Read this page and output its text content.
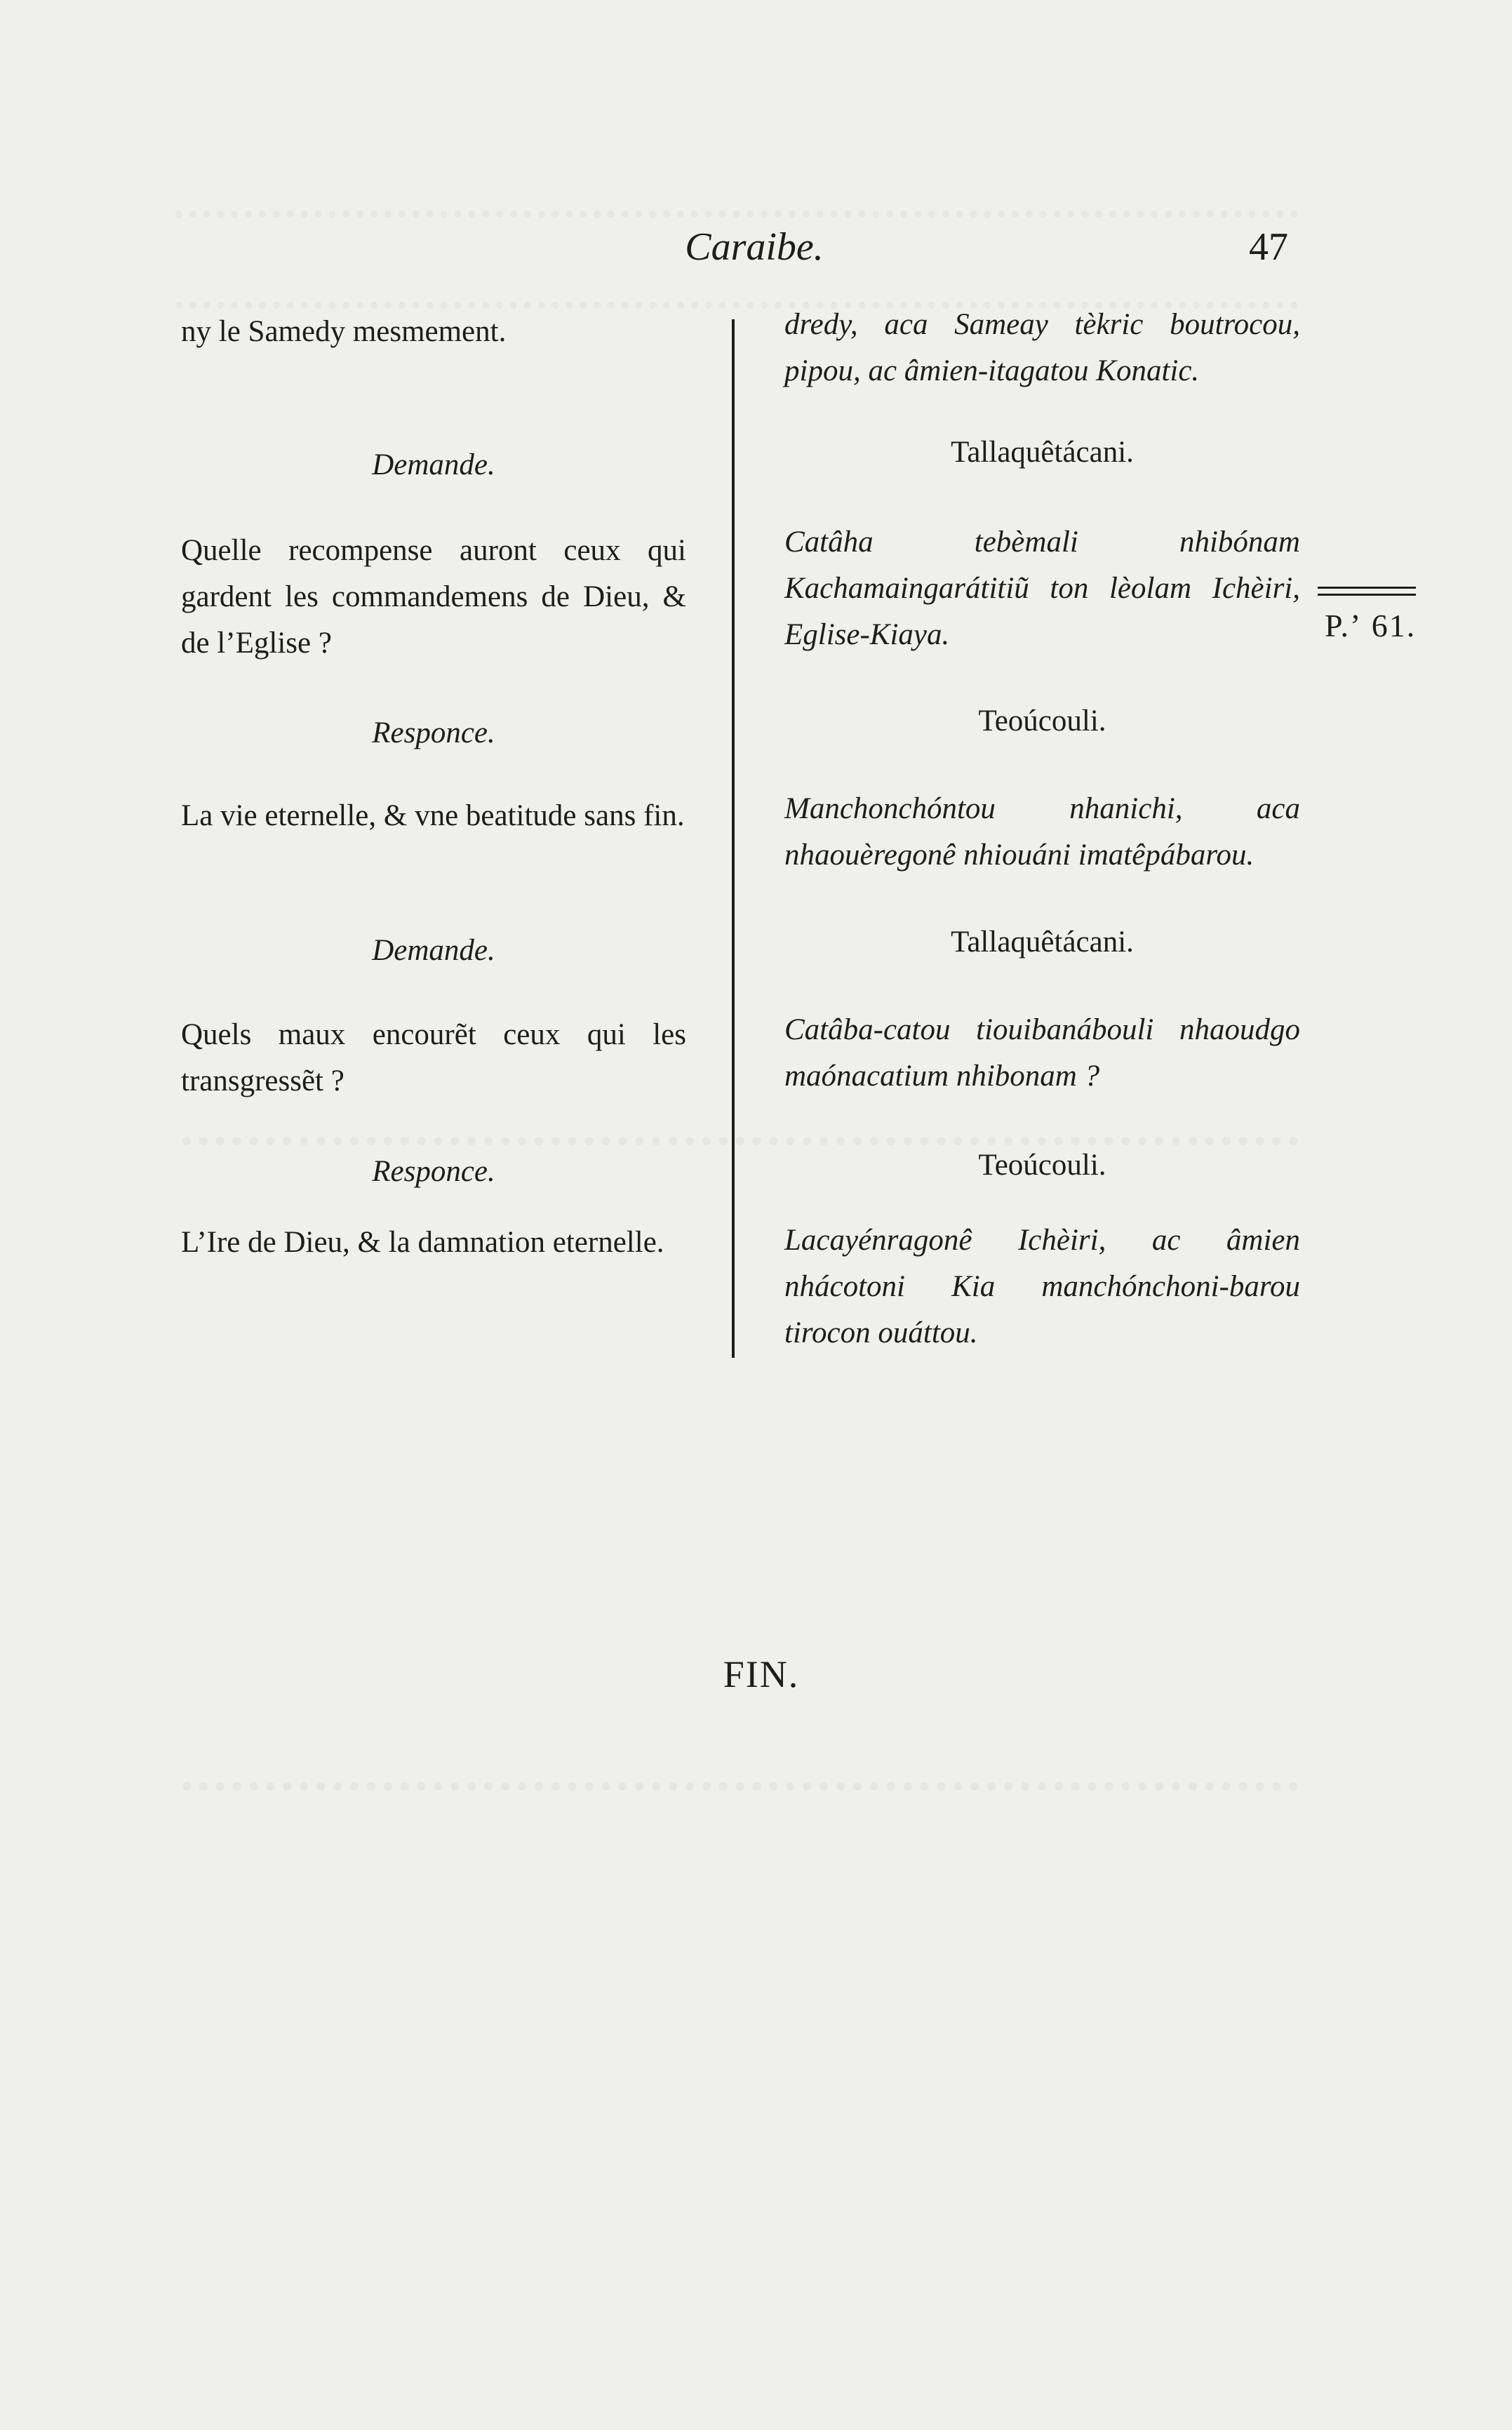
Caraibe.	47
ny le Samedy mesmement.
Demande.
Quelle recompense auront ceux qui gardent les commandemens de Dieu, & de l’Eglise ?
Responce.
La vie eternelle, & vne beatitude sans fin.
Demande.
Quels maux encourẽt ceux qui les transgressẽt ?
Responce.
L’Ire de Dieu, & la damnation eternelle.
dredy, aca Sameay tèkric boutrocou, pipou, ac âmien-itagatou Konatic.
Tallaquêtácani.
Catâha tebèmali nhibónam Kachamaingarátitiũ ton lèolam Ichèiri, Eglise-Kiaya.
Teoúcouli.
Manchonchóntou nhanichi, aca nhaouèregonê nhiouáni imatêpábarou.
Tallaquêtácani.
Catâba-catou tiouibanábouli nhaoudgo maónacatium nhibonam ?
Teoúcouli.
Lacayénragonê Ichèiri, ac âmien nhácotoni Kia manchónchoni-barou tirocon ouáttou.
P.ʼ 61.
FIN.
